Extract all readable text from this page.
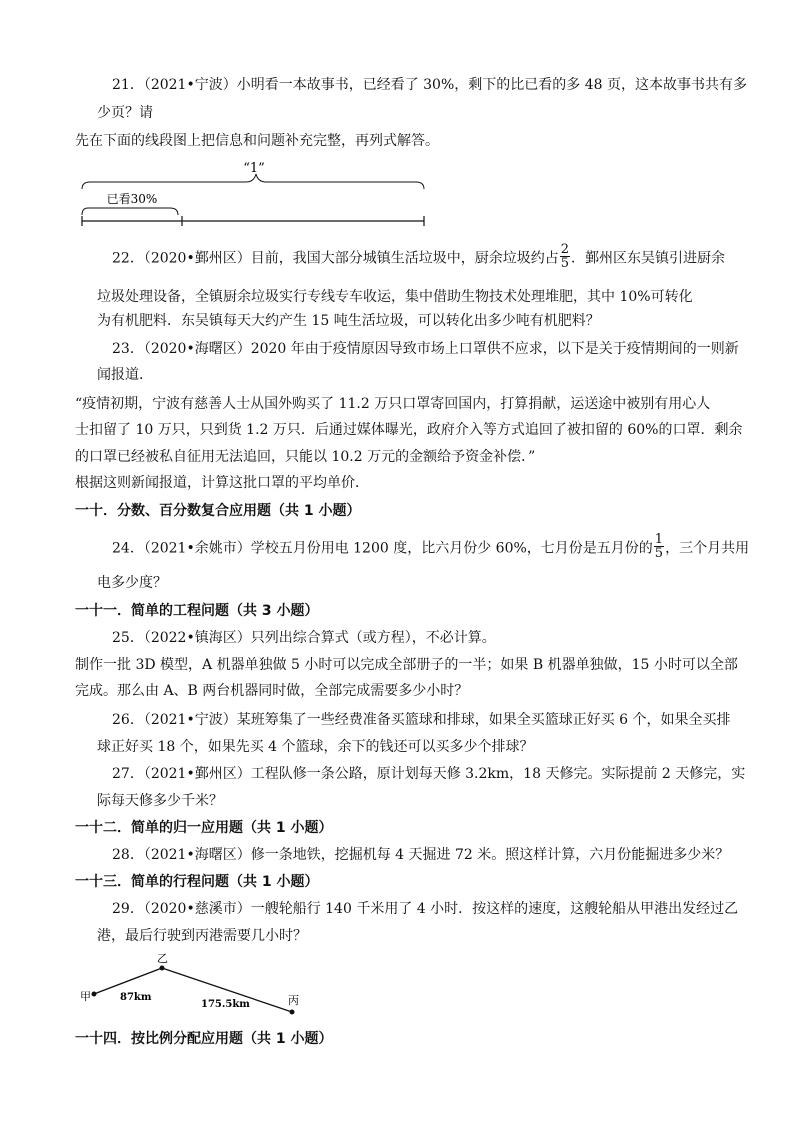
21．（2021•宁波）小明看一本故事书，已经看了 30%，剩下的比已看的多 48 页，这本故事书共有多
少页？请
先在下面的线段图上把信息和问题补充完整，再列式解答。
“1”
已看30%
22．（2020•鄞州区）目前，我国大部分城镇生活垃圾中，厨余垃圾约占 $\frac{2}{5}$ ．鄞州区东吴镇引进厨余
垃圾处理设备，全镇厨余垃圾实行专线专车收运，集中借助生物技术处理堆肥，其中 10%可转化
为有机肥料．东吴镇每天大约产生 15 吨生活垃圾，可以转化出多少吨有机肥料？
23．（2020•海曙区）2020 年由于疫情原因导致市场上口罩供不应求，以下是关于疫情期间的一则新
闻报道．
“疫情初期，宁波有慈善人士从国外购买了 11.2 万只口罩寄回国内，打算捐献，运送途中被别有用心人
士扣留了 10 万只，只到货 1.2 万只．后通过媒体曝光，政府介入等方式追回了被扣留的 60%的口罩．剩余
的口罩已经被私自征用无法追回，只能以 10.2 万元的金额给予资金补偿．”
根据这则新闻报道，计算这批口罩的平均单价．
一十．分数、百分数复合应用题（共 1 小题）
24．（2021•余姚市）学校五月份用电 1200 度，比六月份少 60%，七月份是五月份的 $\frac{1}{5}$ ，三个月共用
电多少度？
一十一．简单的工程问题（共 3 小题）
25．（2022•镇海区）只列出综合算式（或方程），不必计算。
制作一批 3D 模型，A 机器单独做 5 小时可以完成全部册子的一半；如果 B 机器单独做，15 小时可以全部
完成。那么由 A、B 两台机器同时做，全部完成需要多少小时？
26．（2021•宁波）某班筹集了一些经费准备买篮球和排球，如果全买篮球正好买 6 个，如果全买排
球正好买 18 个，如果先买 4 个篮球，余下的钱还可以买多少个排球？
27．（2021•鄞州区）工程队修一条公路，原计划每天修 3.2km，18 天修完。实际提前 2 天修完，实
际每天修多少千米？
一十二．简单的归一应用题（共 1 小题）
28．（2021•海曙区）修一条地铁，挖掘机每 4 天掘进 72 米。照这样计算，六月份能掘进多少米？
一十三．简单的行程问题（共 1 小题）
29．（2020•慈溪市）一艘轮船行 140 千米用了 4 小时．按这样的速度，这艘轮船从甲港出发经过乙
港，最后行驶到丙港需要几小时？
甲
乙
丙
87km
175.5km
一十四．按比例分配应用题（共 1 小题）
